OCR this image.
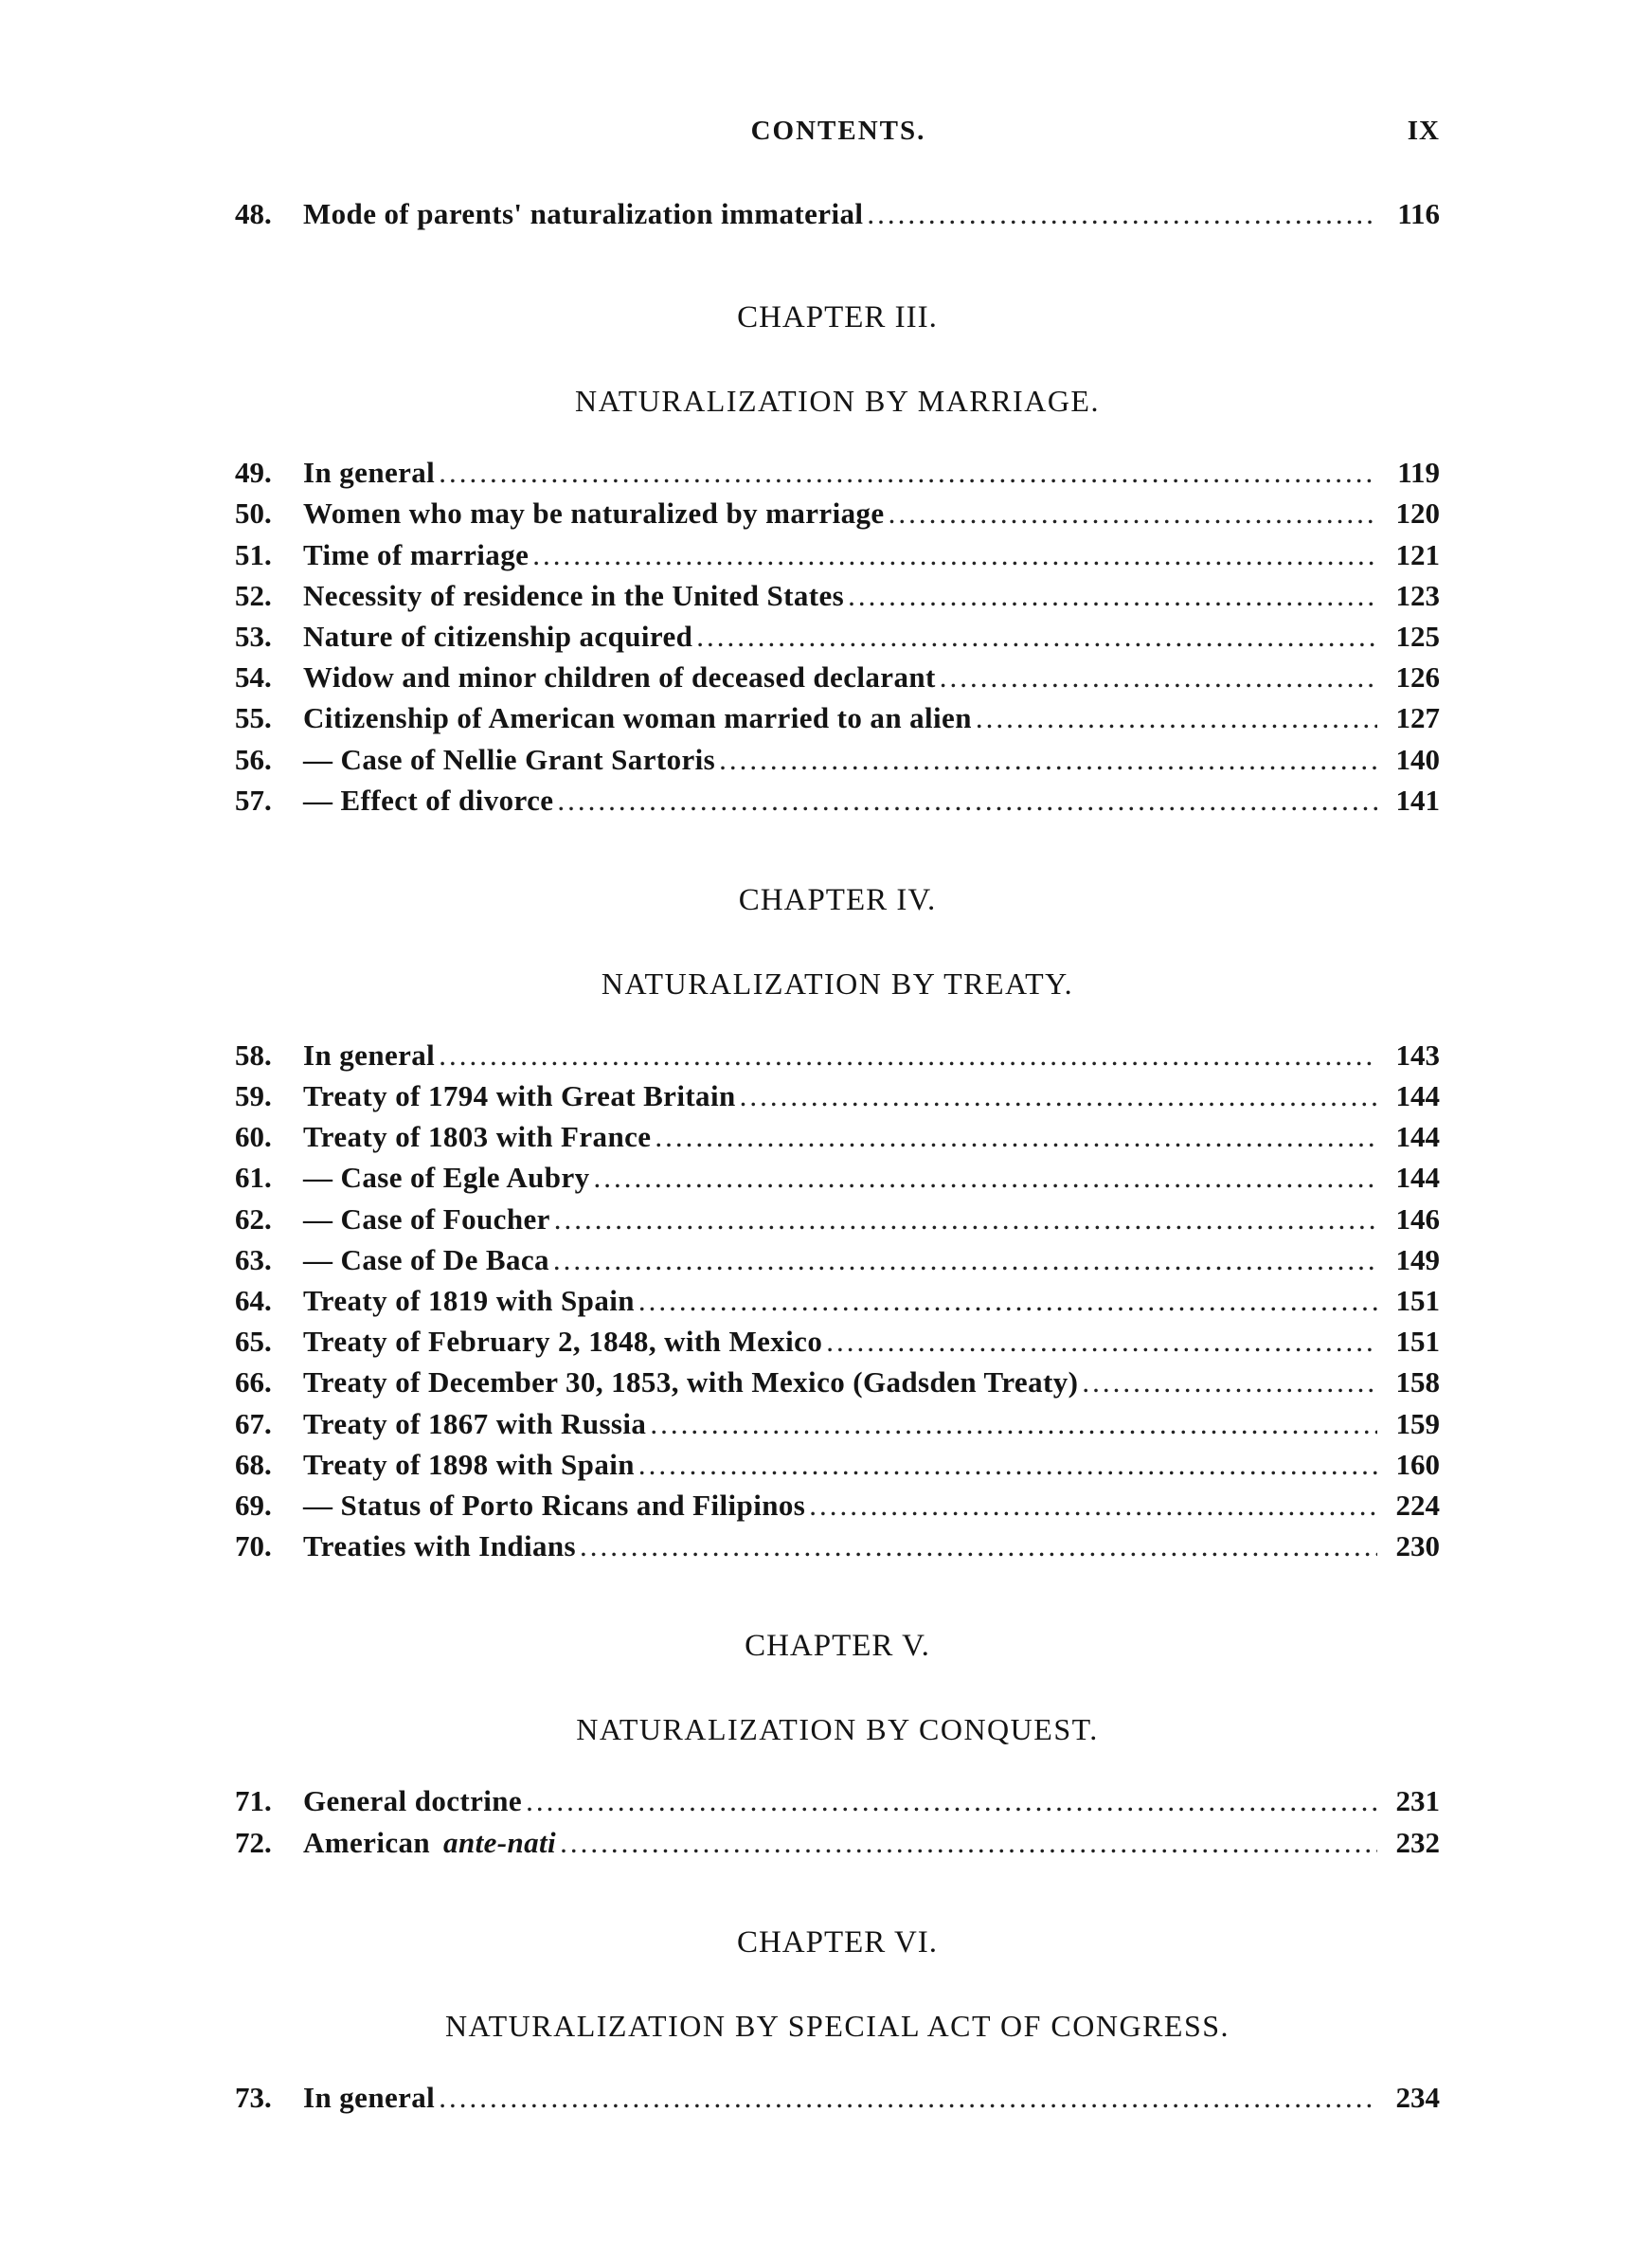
CONTENTS.	IX
48.	Mode of parents' naturalization immaterial .....	116
CHAPTER III.
NATURALIZATION BY MARRIAGE.
49.	In general .....	119
50.	Women who may be naturalized by marriage .....	120
51.	Time of marriage .....	121
52.	Necessity of residence in the United States .....	123
53.	Nature of citizenship acquired .....	125
54.	Widow and minor children of deceased declarant .....	126
55.	Citizenship of American woman married to an alien .....	127
56.	— Case of Nellie Grant Sartoris .....	140
57.	— Effect of divorce .....	141
CHAPTER IV.
NATURALIZATION BY TREATY.
58.	In general .....	143
59.	Treaty of 1794 with Great Britain .....	144
60.	Treaty of 1803 with France .....	144
61.	— Case of Egle Aubry .....	144
62.	— Case of Foucher .....	146
63.	— Case of De Baca .....	149
64.	Treaty of 1819 with Spain .....	151
65.	Treaty of February 2, 1848, with Mexico .....	151
66.	Treaty of December 30, 1853, with Mexico (Gadsden Treaty) .....	158
67.	Treaty of 1867 with Russia .....	159
68.	Treaty of 1898 with Spain .....	160
69.	— Status of Porto Ricans and Filipinos .....	224
70.	Treaties with Indians .....	230
CHAPTER V.
NATURALIZATION BY CONQUEST.
71.	General doctrine .....	231
72.	American ante-nati .....	232
CHAPTER VI.
NATURALIZATION BY SPECIAL ACT OF CONGRESS.
73.	In general .....	234
